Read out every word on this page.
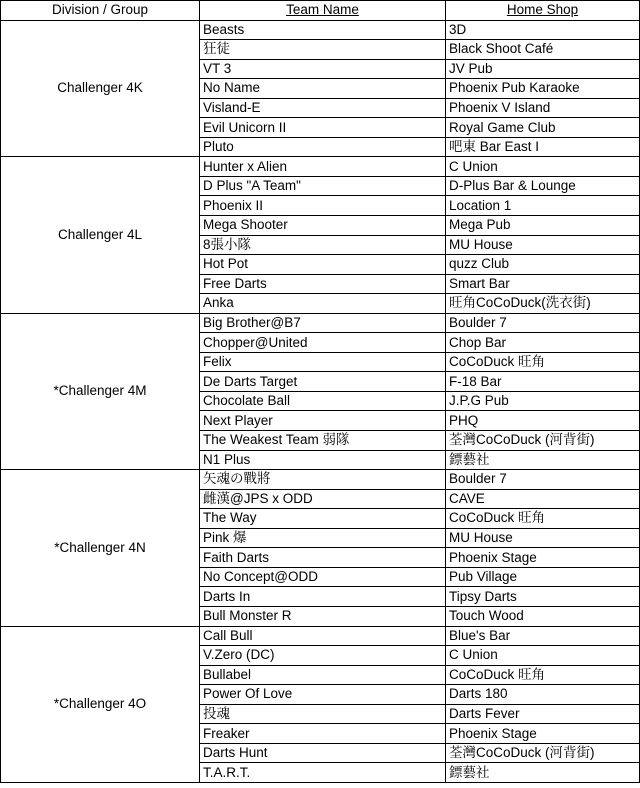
Division / Group	Team Name	Home Shop
Challenger 4K	Beasts	3D
	狂徒	Black Shoot Café
	VT 3	JV Pub
	No Name	Phoenix Pub Karaoke
	Visland-E	Phoenix V Island
	Evil Unicorn II	Royal Game Club
	Pluto	吧東 Bar East I
Challenger 4L	Hunter x Alien	C Union
	D Plus "A Team"	D-Plus Bar & Lounge
	Phoenix II	Location 1
	Mega Shooter	Mega Pub
	8張小隊	MU House
	Hot Pot	quzz Club
	Free Darts	Smart Bar
	Anka	旺角CoCoDuck(洗衣街)
*Challenger 4M	Big Brother@B7	Boulder 7
	Chopper@United	Chop Bar
	Felix	CoCoDuck 旺角
	De Darts Target	F-18 Bar
	Chocolate Ball	J.P.G Pub
	Next Player	PHQ
	The Weakest Team 弱隊	荃灣CoCoDuck (河背街)
	N1 Plus	鏢藝社
*Challenger 4N	矢魂の戰將	Boulder 7
	雌漢@JPS x ODD	CAVE
	The Way	CoCoDuck 旺角
	Pink 爆	MU House
	Faith Darts	Phoenix Stage
	No Concept@ODD	Pub Village
	Darts In	Tipsy Darts
	Bull Monster R	Touch Wood
*Challenger 4O	Call Bull	Blue's Bar
	V.Zero (DC)	C Union
	Bullabel	CoCoDuck 旺角
	Power Of Love	Darts 180
	投魂	Darts Fever
	Freaker	Phoenix Stage
	Darts Hunt	荃灣CoCoDuck (河背街)
	T.A.R.T.	鏢藝社
